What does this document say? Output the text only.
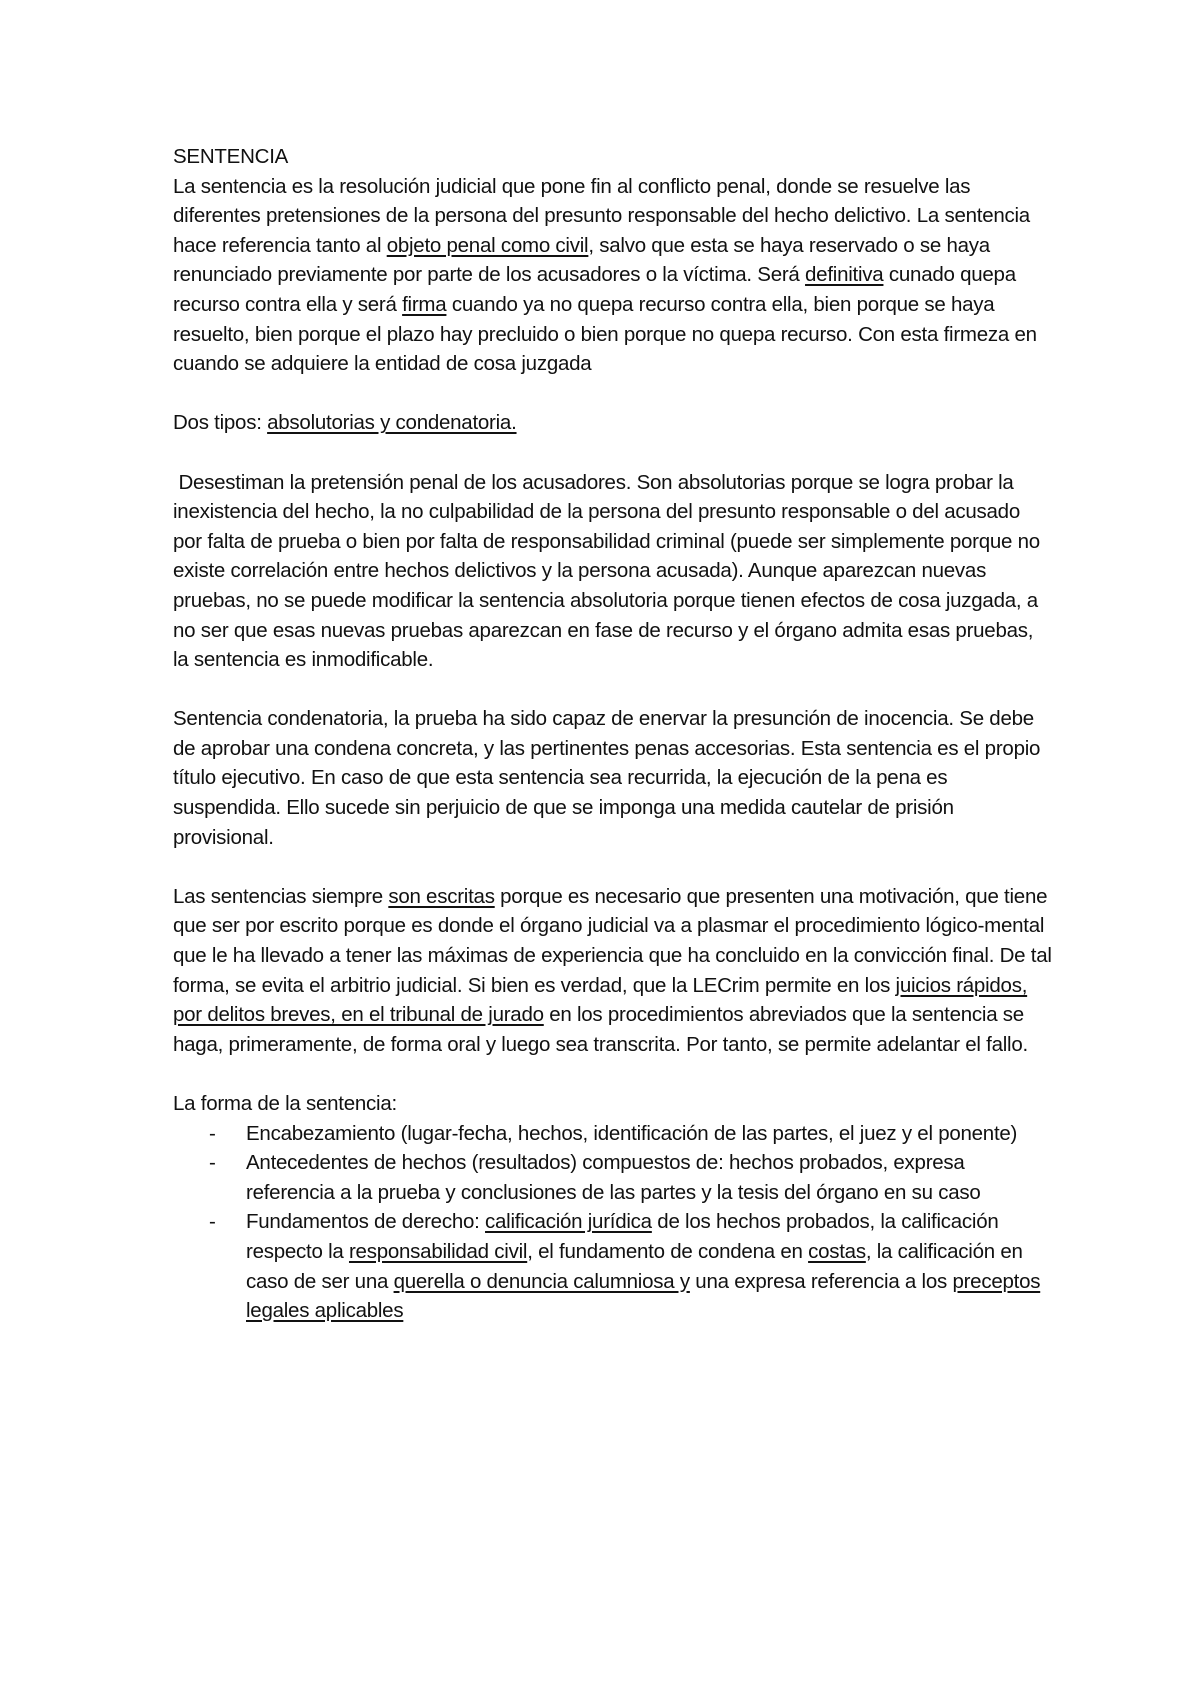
SENTENCIA

La sentencia es la resolución judicial que pone fin al conflicto penal, donde se resuelve las diferentes pretensiones de la persona del presunto responsable del hecho delictivo. La sentencia hace referencia tanto al objeto penal como civil, salvo que esta se haya reservado o se haya renunciado previamente por parte de los acusadores o la víctima. Será definitiva cunado quepa recurso contra ella y será firma cuando ya no quepa recurso contra ella, bien porque se haya resuelto, bien porque el plazo hay precluido o bien porque no quepa recurso. Con esta firmeza en cuando se adquiere la entidad de cosa juzgada

Dos tipos: absolutorias y condenatoria.

Desestiman la pretensión penal de los acusadores. Son absolutorias porque se logra probar la inexistencia del hecho, la no culpabilidad de la persona del presunto responsable o del acusado por falta de prueba o bien por falta de responsabilidad criminal (puede ser simplemente porque no existe correlación entre hechos delictivos y la persona acusada). Aunque aparezcan nuevas pruebas, no se puede modificar la sentencia absolutoria porque tienen efectos de cosa juzgada, a no ser que esas nuevas pruebas aparezcan en fase de recurso y el órgano admita esas pruebas, la sentencia es inmodificable.

Sentencia condenatoria, la prueba ha sido capaz de enervar la presunción de inocencia. Se debe de aprobar una condena concreta, y las pertinentes penas accesorias. Esta sentencia es el propio título ejecutivo. En caso de que esta sentencia sea recurrida, la ejecución de la pena es suspendida. Ello sucede sin perjuicio de que se imponga una medida cautelar de prisión provisional.

Las sentencias siempre son escritas porque es necesario que presenten una motivación, que tiene que ser por escrito porque es donde el órgano judicial va a plasmar el procedimiento lógico-mental que le ha llevado a tener las máximas de experiencia que ha concluido en la convicción final. De tal forma, se evita el arbitrio judicial. Si bien es verdad, que la LECrim permite en los juicios rápidos, por delitos breves, en el tribunal de jurado en los procedimientos abreviados que la sentencia se haga, primeramente, de forma oral y luego sea transcrita. Por tanto, se permite adelantar el fallo.

La forma de la sentencia:

- Encabezamiento (lugar-fecha, hechos, identificación de las partes, el juez y el ponente)
- Antecedentes de hechos (resultados) compuestos de: hechos probados, expresa referencia a la prueba y conclusiones de las partes y la tesis del órgano en su caso
- Fundamentos de derecho: calificación jurídica de los hechos probados, la calificación respecto la responsabilidad civil, el fundamento de condena en costas, la calificación en caso de ser una querella o denuncia calumniosa y una expresa referencia a los preceptos legales aplicables
